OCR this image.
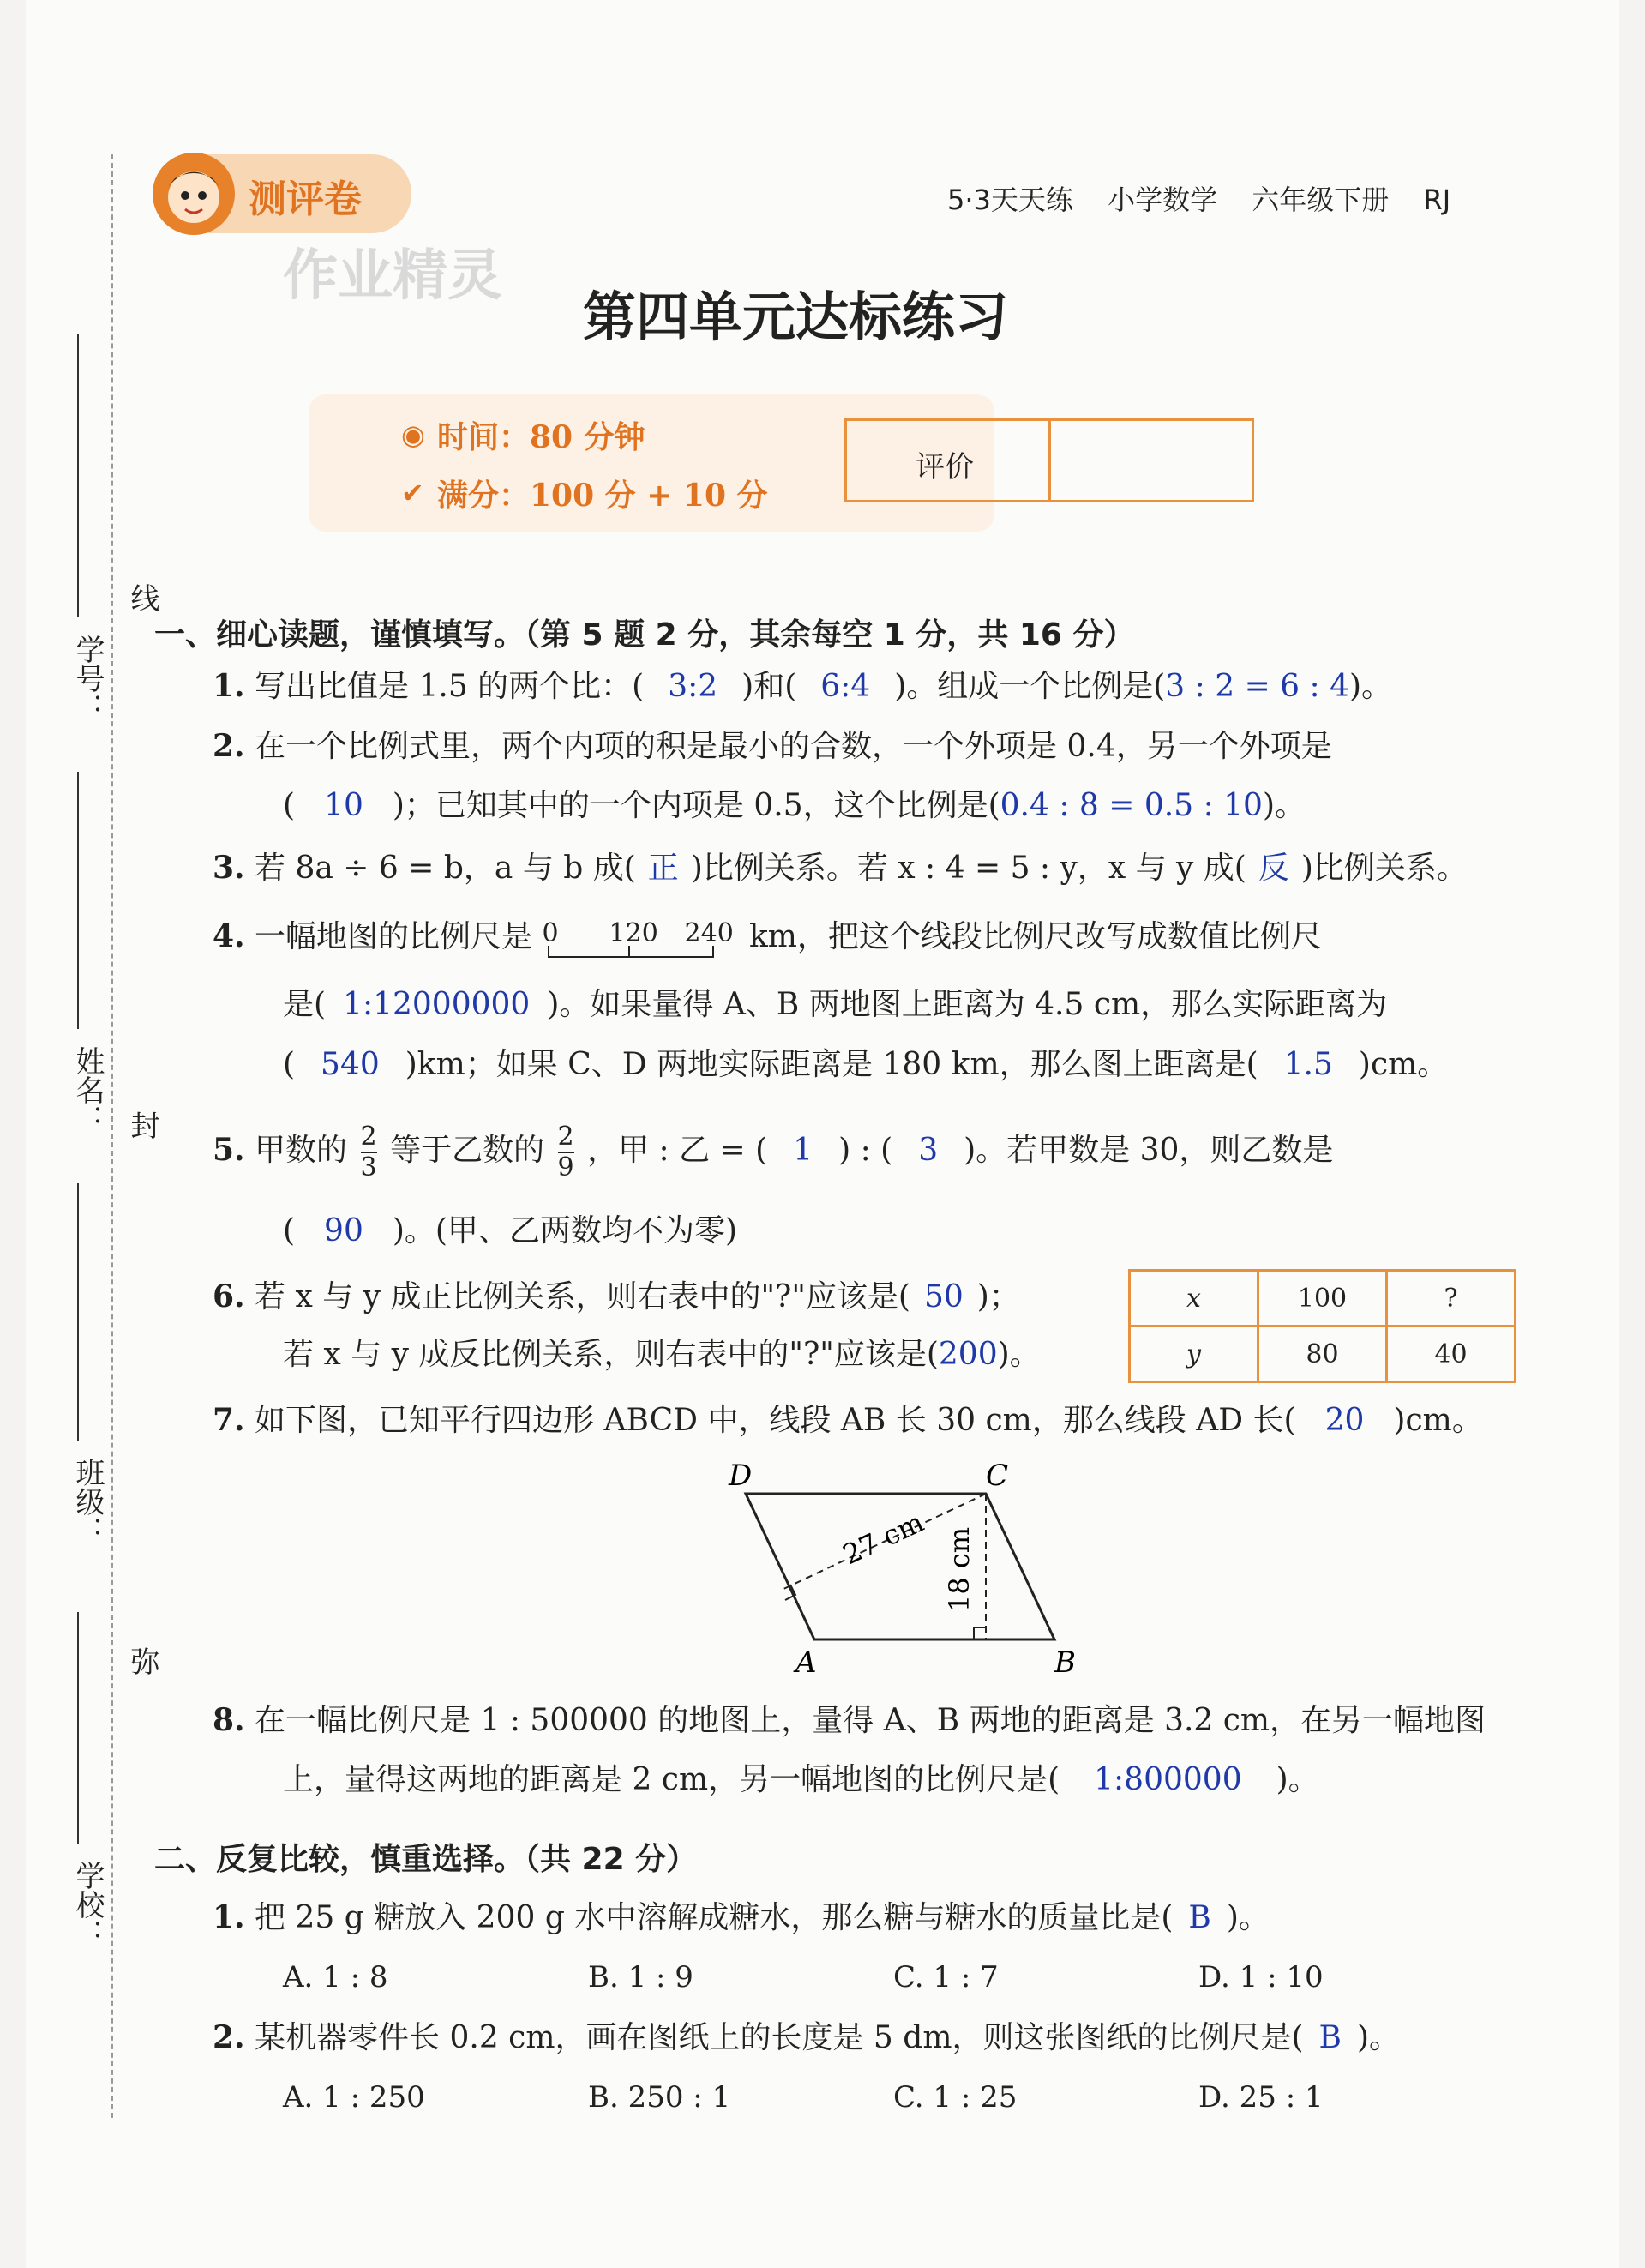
线
封
弥
学号：
姓名：
班级：
学校：
测评卷
作业精灵
5·3天天练 小学数学 六年级下册 RJ
第四单元达标练习
◉ 时间：80 分钟
✔ 满分：100 分 + 10 分
评价
一、细心读题，谨慎填写。（第 5 题 2 分，其余每空 1 分，共 16 分）
1. 写出比值是 1.5 的两个比：( 3:2 )和( 6:4 )。组成一个比例是(3 : 2 = 6 : 4)。
2. 在一个比例式里，两个内项的积是最小的合数，一个外项是 0.4，另一个外项是
( 10 )；已知其中的一个内项是 0.5，这个比例是(0.4 : 8 = 0.5 : 10)。
3. 若 8a ÷ 6 = b，a 与 b 成( 正 )比例关系。若 x : 4 = 5 : y，x 与 y 成( 反 )比例关系。
4. 一幅地图的比例尺是 0 120 240 km，把这个线段比例尺改写成数值比例尺
是( 1:12000000 )。如果量得 A、B 两地图上距离为 4.5 cm，那么实际距离为
( 540 )km；如果 C、D 两地实际距离是 180 km，那么图上距离是( 1.5 )cm。
5. 甲数的 $\frac{2}{3}$ 等于乙数的 $\frac{2}{9}$ ，甲 : 乙 = ( 1 ) : ( 3 )。若甲数是 30，则乙数是
( 90 )。(甲、乙两数均不为零)
6. 若 x 与 y 成正比例关系，则右表中的"?"应该是( 50 )；
若 x 与 y 成反比例关系，则右表中的"?"应该是(200)。
x	100	?
y	80	40
7. 如下图，已知平行四边形 ABCD 中，线段 AB 长 30 cm，那么线段 AD 长( 20 )cm。
D	C
A	B
27 cm 18 cm
8. 在一幅比例尺是 1 : 500000 的地图上，量得 A、B 两地的距离是 3.2 cm，在另一幅地图
上，量得这两地的距离是 2 cm，另一幅地图的比例尺是( 1:800000 )。
二、反复比较，慎重选择。（共 22 分）
1. 把 25 g 糖放入 200 g 水中溶解成糖水，那么糖与糖水的质量比是( B )。
A. 1 : 8	B. 1 : 9	C. 1 : 7	D. 1 : 10
2. 某机器零件长 0.2 cm，画在图纸上的长度是 5 dm，则这张图纸的比例尺是( B )。
A. 1 : 250	B. 250 : 1	C. 1 : 25	D. 25 : 1
